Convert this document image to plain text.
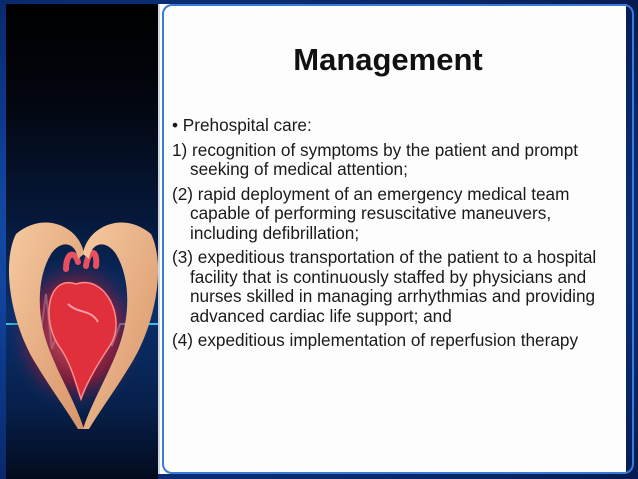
Management
• Prehospital care:
1) recognition of symptoms by the patient and prompt seeking of medical attention;
(2) rapid deployment of an emergency medical team capable of performing resuscitative maneuvers, including defibrillation;
(3) expeditious transportation of the patient to a hospital facility that is continuously staffed by physicians and nurses skilled in managing arrhythmias and providing advanced cardiac life support; and
(4) expeditious implementation of reperfusion therapy
